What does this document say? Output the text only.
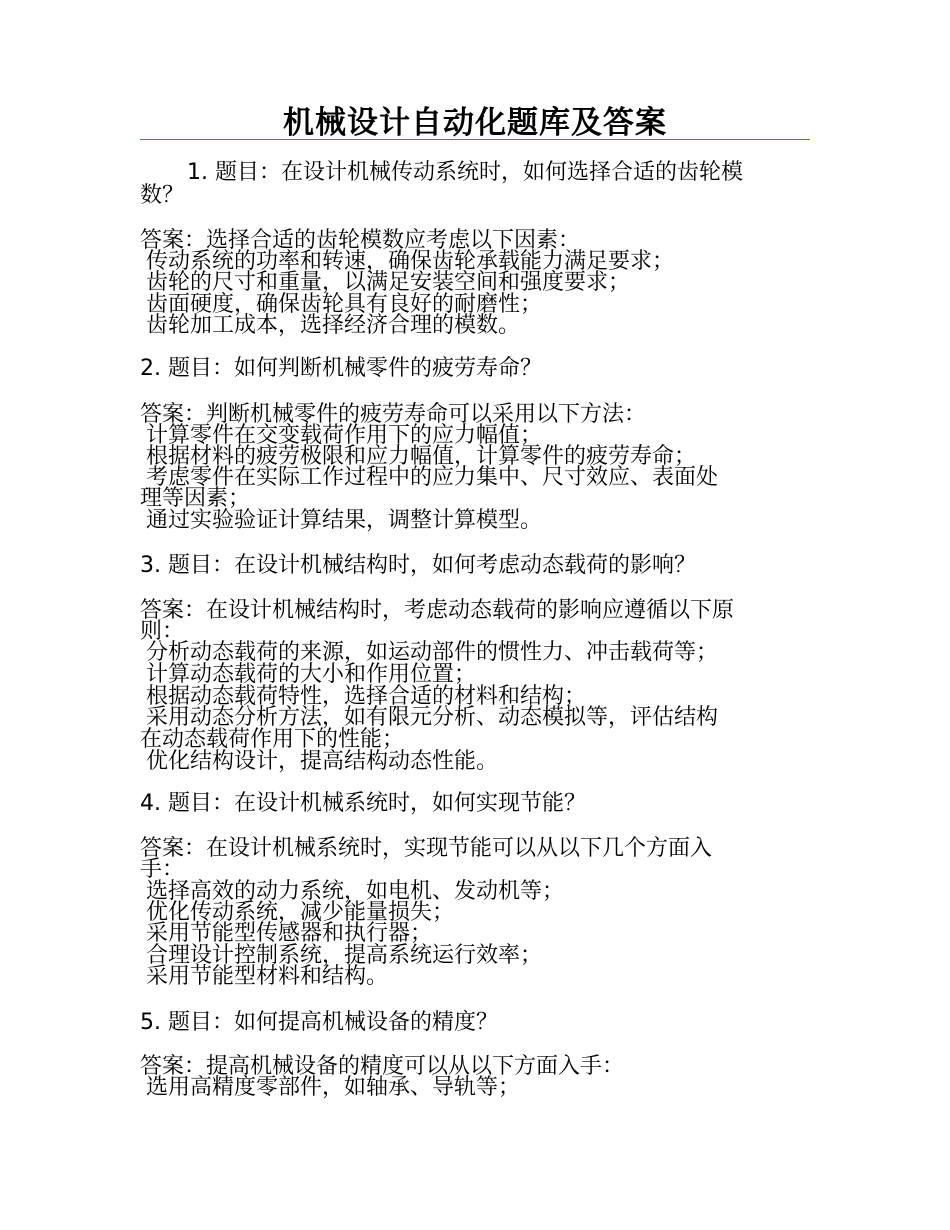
机械设计自动化题库及答案
1. 题目：在设计机械传动系统时，如何选择合适的齿轮模
数？
答案：选择合适的齿轮模数应考虑以下因素：
传动系统的功率和转速，确保齿轮承载能力满足要求；
齿轮的尺寸和重量，以满足安装空间和强度要求；
齿面硬度，确保齿轮具有良好的耐磨性；
齿轮加工成本，选择经济合理的模数。
2. 题目：如何判断机械零件的疲劳寿命？
答案：判断机械零件的疲劳寿命可以采用以下方法：
计算零件在交变载荷作用下的应力幅值；
根据材料的疲劳极限和应力幅值，计算零件的疲劳寿命；
考虑零件在实际工作过程中的应力集中、尺寸效应、表面处
理等因素；
通过实验验证计算结果，调整计算模型。
3. 题目：在设计机械结构时，如何考虑动态载荷的影响？
答案：在设计机械结构时，考虑动态载荷的影响应遵循以下原
则：
分析动态载荷的来源，如运动部件的惯性力、冲击载荷等；
计算动态载荷的大小和作用位置；
根据动态载荷特性，选择合适的材料和结构；
采用动态分析方法，如有限元分析、动态模拟等，评估结构
在动态载荷作用下的性能；
优化结构设计，提高结构动态性能。
4. 题目：在设计机械系统时，如何实现节能？
答案：在设计机械系统时，实现节能可以从以下几个方面入
手：
选择高效的动力系统，如电机、发动机等；
优化传动系统，减少能量损失；
采用节能型传感器和执行器；
合理设计控制系统，提高系统运行效率；
采用节能型材料和结构。
5. 题目：如何提高机械设备的精度？
答案：提高机械设备的精度可以从以下方面入手：
选用高精度零部件，如轴承、导轨等；
